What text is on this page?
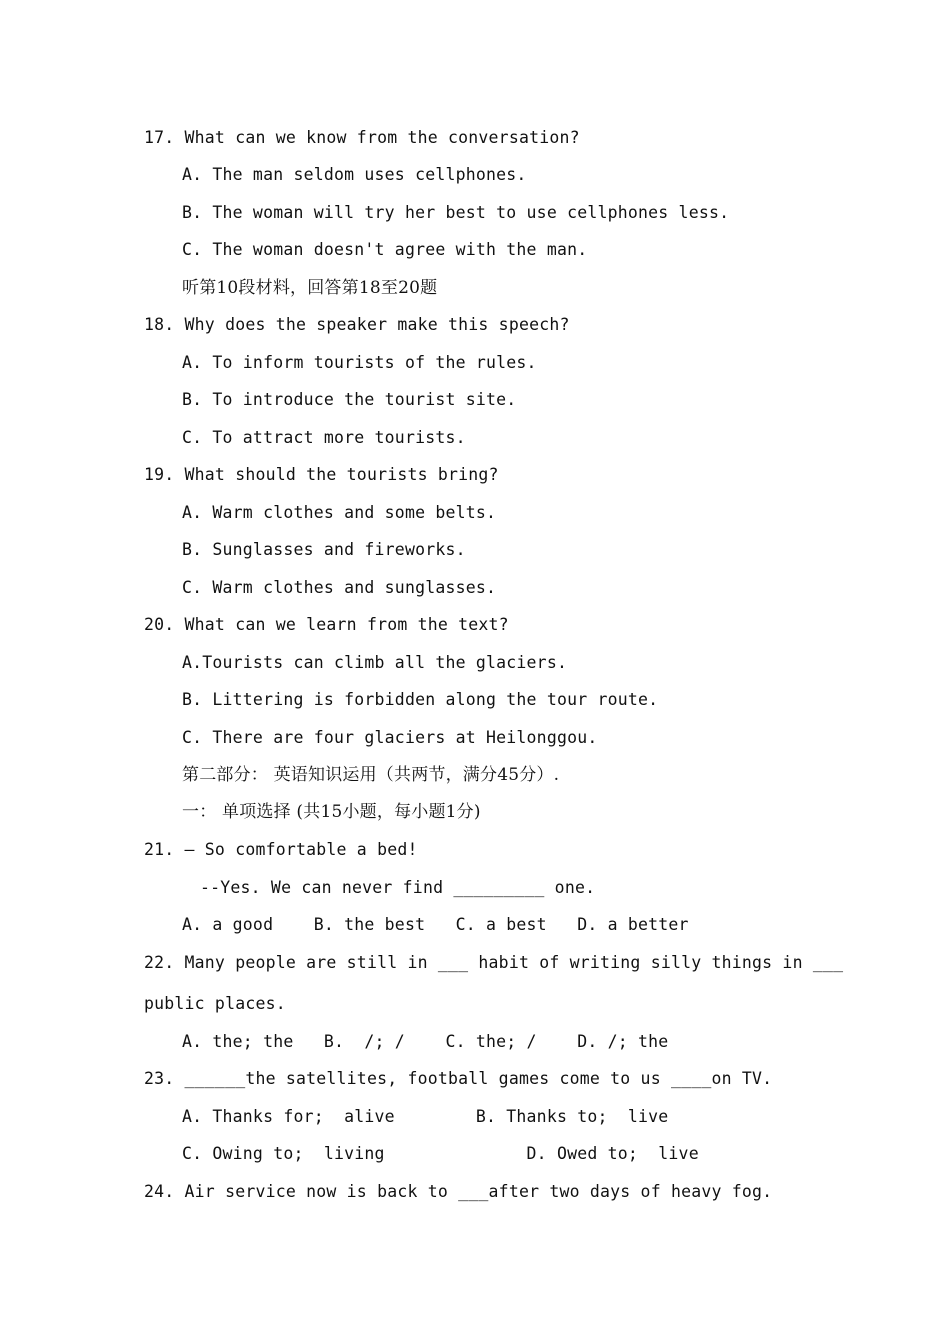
17. What can we know from the conversation?
A. The man seldom uses cellphones.
B. The woman will try her best to use cellphones less.
C. The woman doesn't agree with the man.
听第10段材料，回答第18至20题
18. Why does the speaker make this speech?
A. To inform tourists of the rules.
B. To introduce the tourist site.
C. To attract more tourists.
19. What should the tourists bring?
A. Warm clothes and some belts.
B. Sunglasses and fireworks.
C. Warm clothes and sunglasses.
20. What can we learn from the text?
A.Tourists can climb all the glaciers.
B. Littering is forbidden along the tour route.
C. There are four glaciers at Heilonggou.
第二部分： 英语知识运用（共两节，满分45分）.
一： 单项选择 (共15小题，每小题1分)
21. – So comfortable a bed!
--Yes. We can never find _________ one.
A. a good    B. the best   C. a best   D. a better
22. Many people are still in ___ habit of writing silly things in ___
public places.
A. the; the   B.  /; /    C. the; /    D. /; the
23. ______the satellites, football games come to us ____on TV.
A. Thanks for;  alive        B. Thanks to;  live
C. Owing to;  living              D. Owed to;  live
24. Air service now is back to ___after two days of heavy fog.
